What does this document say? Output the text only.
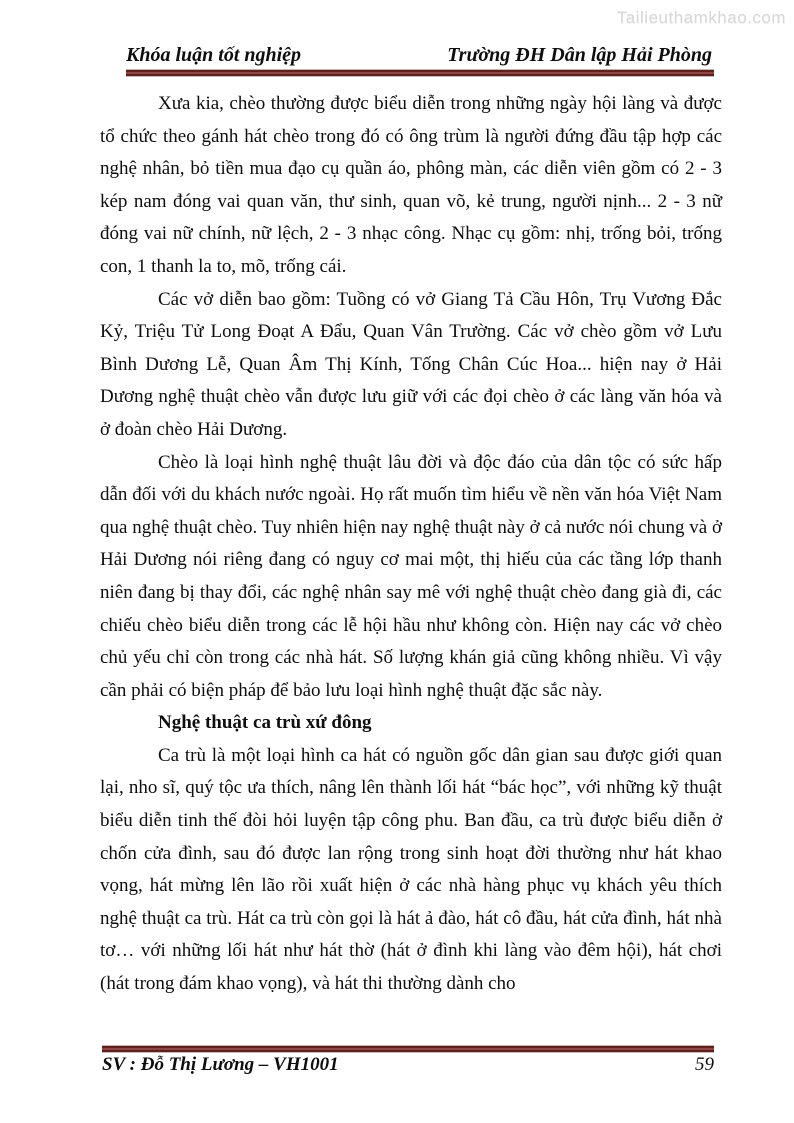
Tailieuthamkhao.com
Khóa luận tốt nghiệp	Trường ĐH Dân lập Hải Phòng

Xưa kia, chèo thường được biểu diễn trong những ngày hội làng và được tổ chức theo gánh hát chèo trong đó có ông trùm là người đứng đầu tập hợp các nghệ nhân, bỏ tiền mua đạo cụ quần áo, phông màn, các diễn viên gồm có 2 - 3 kép nam đóng vai quan văn, thư sinh, quan võ, kẻ trung, người nịnh... 2 - 3 nữ đóng vai nữ chính, nữ lệch, 2 - 3 nhạc công. Nhạc cụ gồm: nhị, trống bỏi, trống con, 1 thanh la to, mõ, trống cái.

Các vở diễn bao gồm: Tuồng có vở Giang Tả Cầu Hôn, Trụ Vương Đắc Kỷ, Triệu Tử Long Đoạt A Đẩu, Quan Vân Trường. Các vở chèo gồm vở Lưu Bình Dương Lễ, Quan Âm Thị Kính, Tống Chân Cúc Hoa... hiện nay ở Hải Dương nghệ thuật chèo vẫn được lưu giữ với các đọi chèo ở các làng văn hóa và ở đoàn chèo Hải Dương.

Chèo là loại hình nghệ thuật lâu đời và độc đáo của dân tộc có sức hấp dẫn đối với du khách nước ngoài. Họ rất muốn tìm hiểu về nền văn hóa Việt Nam qua nghệ thuật chèo. Tuy nhiên hiện nay nghệ thuật này ở cả nước nói chung và ở Hải Dương nói riêng đang có nguy cơ mai một, thị hiếu của các tầng lớp thanh niên đang bị thay đổi, các nghệ nhân say mê với nghệ thuật chèo đang già đi, các chiếu chèo biểu diễn trong các lễ hội hầu như không còn. Hiện nay các vở chèo chủ yếu chỉ còn trong các nhà hát. Số lượng khán giả cũng không nhiều. Vì vậy cần phải có biện pháp để bảo lưu loại hình nghệ thuật đặc sắc này.

Nghệ thuật ca trù xứ đông

Ca trù là một loại hình ca hát có nguồn gốc dân gian sau được giới quan lại, nho sĩ, quý tộc ưa thích, nâng lên thành lối hát “bác học”, với những kỹ thuật biểu diễn tinh thế đòi hỏi luyện tập công phu. Ban đầu, ca trù được biểu diễn ở chốn cửa đình, sau đó được lan rộng trong sinh hoạt đời thường như hát khao vọng, hát mừng lên lão rồi xuất hiện ở các nhà hàng phục vụ khách yêu thích nghệ thuật ca trù. Hát ca trù còn gọi là hát ả đào, hát cô đầu, hát cửa đình, hát nhà tơ… với những lối hát như hát thờ (hát ở đình khi làng vào đêm hội), hát chơi (hát trong đám khao vọng), và hát thi thường dành cho

SV : Đỗ Thị Lương – VH1001	59
